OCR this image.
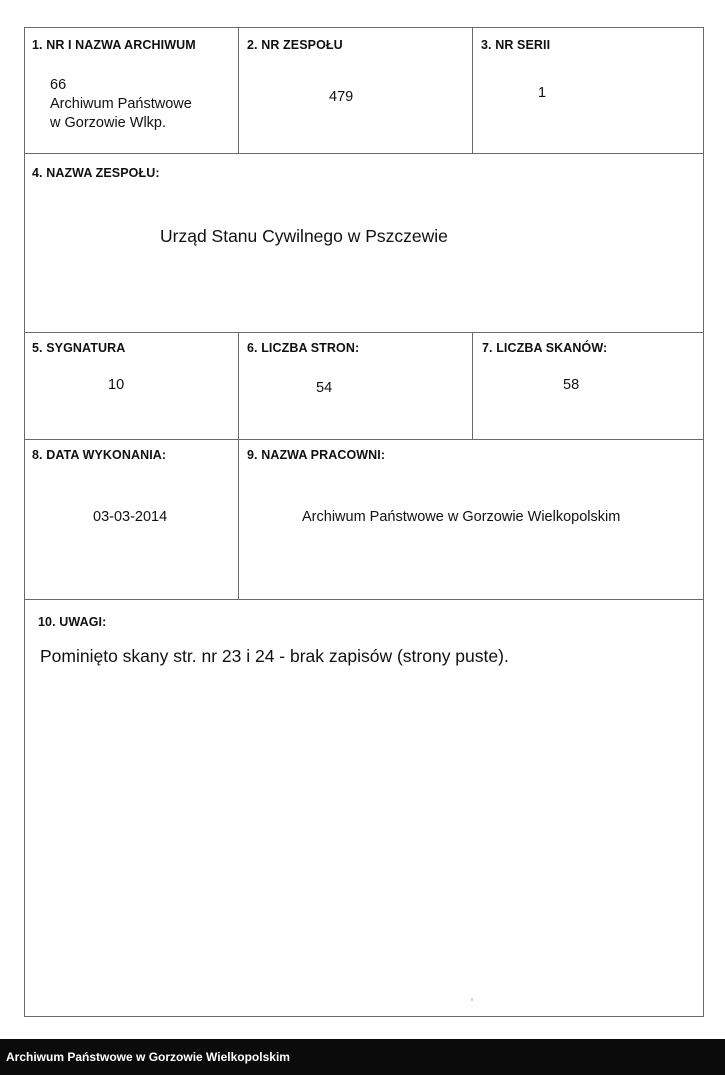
1. NR I NAZWA ARCHIWUM
66
Archiwum Państwowe
w Gorzowie Wlkp.
2. NR ZESPOŁU
479
3. NR SERII
1
4. NAZWA ZESPOŁU:
Urząd Stanu Cywilnego w Pszczewie
5. SYGNATURA
10
6. LICZBA STRON:
54
7. LICZBA SKANÓW:
58
8. DATA WYKONANIA:
03-03-2014
9. NAZWA PRACOWNI:
Archiwum Państwowe w Gorzowie Wielkopolskim
10. UWAGI:
Pominięto skany str. nr 23 i 24 - brak zapisów (strony puste).
Archiwum Państwowe w Gorzowie Wielkopolskim
